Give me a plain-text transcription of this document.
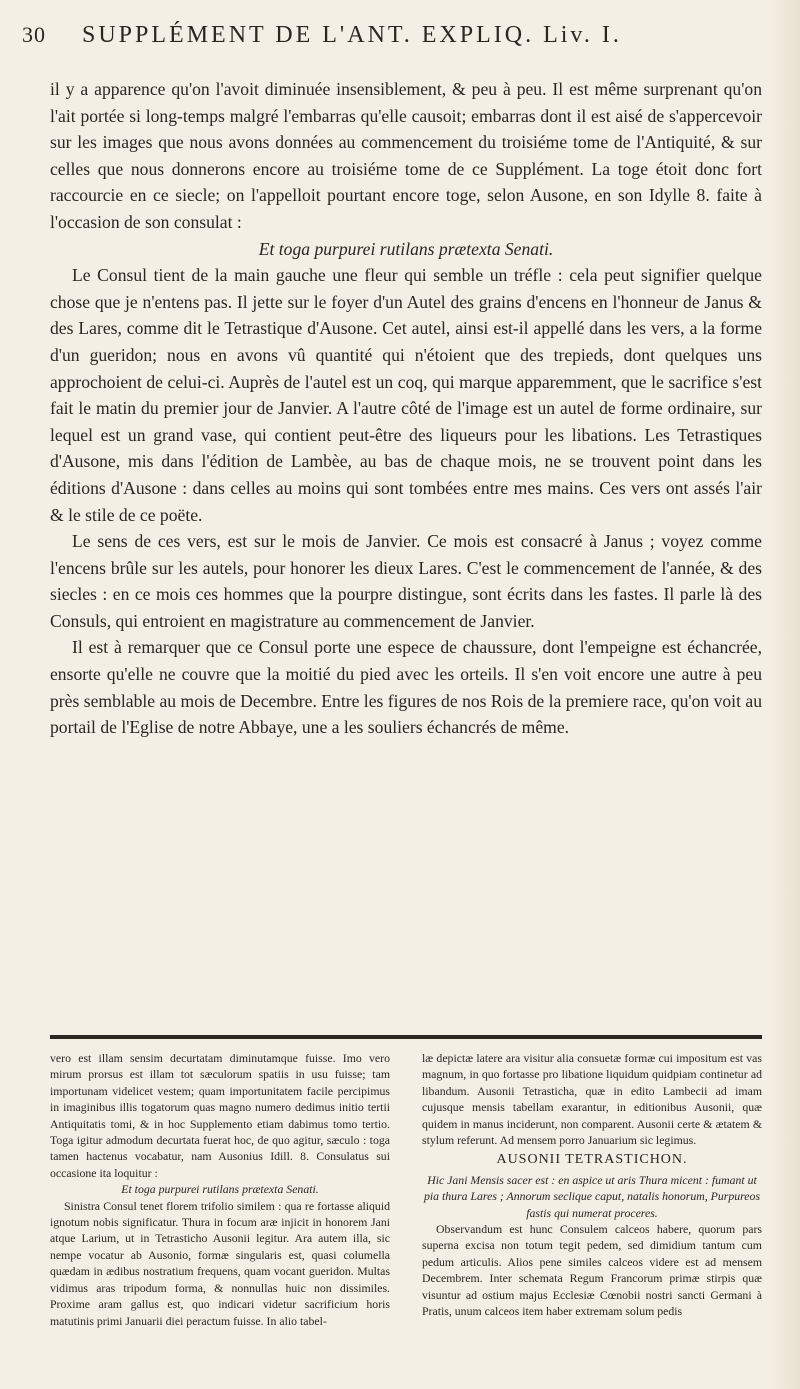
30 SUPPLÉMENT DE L'ANT. EXPLIQ. Liv. I.

il y a apparence qu'on l'avoit diminuée insensiblement, & peu à peu. Il est même surprenant qu'on l'ait portée si long-temps malgré l'embarras qu'elle causoit; embarras dont il est aisé de s'appercevoir sur les images que nous avons données au commencement du troisiéme tome de l'Antiquité, & sur celles que nous donnerons encore au troisiéme tome de ce Supplément. La toge étoit donc fort raccourcie en ce siecle; on l'appelloit pourtant encore toge, selon Ausone, en son Idylle 8. faite à l'occasion de son consulat :

Et toga purpurei rutilans prætexta Senati.

Le Consul tient de la main gauche une fleur qui semble un tréfle : cela peut signifier quelque chose que je n'entens pas. Il jette sur le foyer d'un Autel des grains d'encens en l'honneur de Janus & des Lares, comme dit le Tetrastique d'Ausone. Cet autel, ainsi est-il appellé dans les vers, a la forme d'un gueridon; nous en avons vû quantité qui n'étoient que des trepieds, dont quelques uns approchoient de celui-ci. Auprès de l'autel est un coq, qui marque apparemment, que le sacrifice s'est fait le matin du premier jour de Janvier. A l'autre côté de l'image est un autel de forme ordinaire, sur lequel est un grand vase, qui contient peut-être des liqueurs pour les libations. Les Tetrastiques d'Ausone, mis dans l'édition de Lambèe, au bas de chaque mois, ne se trouvent point dans les éditions d'Ausone : dans celles au moins qui sont tombées entre mes mains. Ces vers ont assés l'air & le stile de ce poëte.

Le sens de ces vers, est sur le mois de Janvier. Ce mois est consacré à Janus ; voyez comme l'encens brûle sur les autels, pour honorer les dieux Lares. C'est le commencement de l'année, & des siecles : en ce mois ces hommes que la pourpre distingue, sont écrits dans les fastes. Il parle là des Consuls, qui entroient en magistrature au commencement de Janvier.

Il est à remarquer que ce Consul porte une espece de chaussure, dont l'empeigne est échancrée, ensorte qu'elle ne couvre que la moitié du pied avec les orteils. Il s'en voit encore une autre à peu près semblable au mois de Decembre. Entre les figures de nos Rois de la premiere race, qu'on voit au portail de l'Eglise de notre Abbaye, une a les souliers échancrés de même.

vero est illam sensim decurtatam diminutamque fuisse. Imo vero mirum prorsus est illam tot sæculorum spatiis in usu fuisse; tam importunam videlicet vestem; quam importunitatem facile percipimus in imaginibus illis togatorum quas magno numero dedimus initio tertii Antiquitatis tomi, & in hoc Supplemento etiam dabimus tomo tertio. Toga igitur admodum decurtata fuerat hoc, de quo agitur, sæculo : toga tamen hactenus vocabatur, nam Ausonius Idill. 8. Consulatus sui occasione ita loquitur :

Et toga purpurei rutilans prætexta Senati.

Sinistra Consul tenet florem trifolio similem : qua re fortasse aliquid ignotum nobis significatur. Thura in focum aræ injicit in honorem Jani atque Larium, ut in Tetrasticho Ausonii legitur. Ara autem illa, sic nempe vocatur ab Ausonio, formæ singularis est, quasi columella quædam in ædibus nostratium frequens, quam vocant gueridon. Multas vidimus aras tripodum forma, & nonnullas huic non dissimiles. Proxime aram gallus est, quo indicari videtur sacrificium horis matutinis primi Januarii diei peractum fuisse. In alio tabel-

læ depictæ latere ara visitur alia consuetæ formæ cui impositum est vas magnum, in quo fortasse pro libatione liquidum quidpiam continetur ad libandum. Ausonii Tetrasticha, quæ in edito Lambecii ad imam cujusque mensis tabellam exarantur, in editionibus Ausonii, quæ quidem in manus inciderunt, non comparent. Ausonii certe & ætatem & stylum referunt. Ad mensem porro Januarium sic legimus.

AUSONII TETRASTICHON.

Hic Jani Mensis sacer est : en aspice ut aris Thura micent : fumant ut pia thura Lares ; Annorum seclique caput, natalis honorum, Purpureos fastis qui numerat proceres.

Observandum est hunc Consulem calceos habere, quorum pars superna excisa non totum tegit pedem, sed dimidium tantum cum pedum articulis. Alios pene similes calceos videre est ad mensem Decembrem. Inter schemata Regum Francorum primæ stirpis quæ visuntur ad ostium majus Ecclesiæ Cœnobii nostri sancti Germani à Pratis, unum calceos item haber extremam solum pedis
